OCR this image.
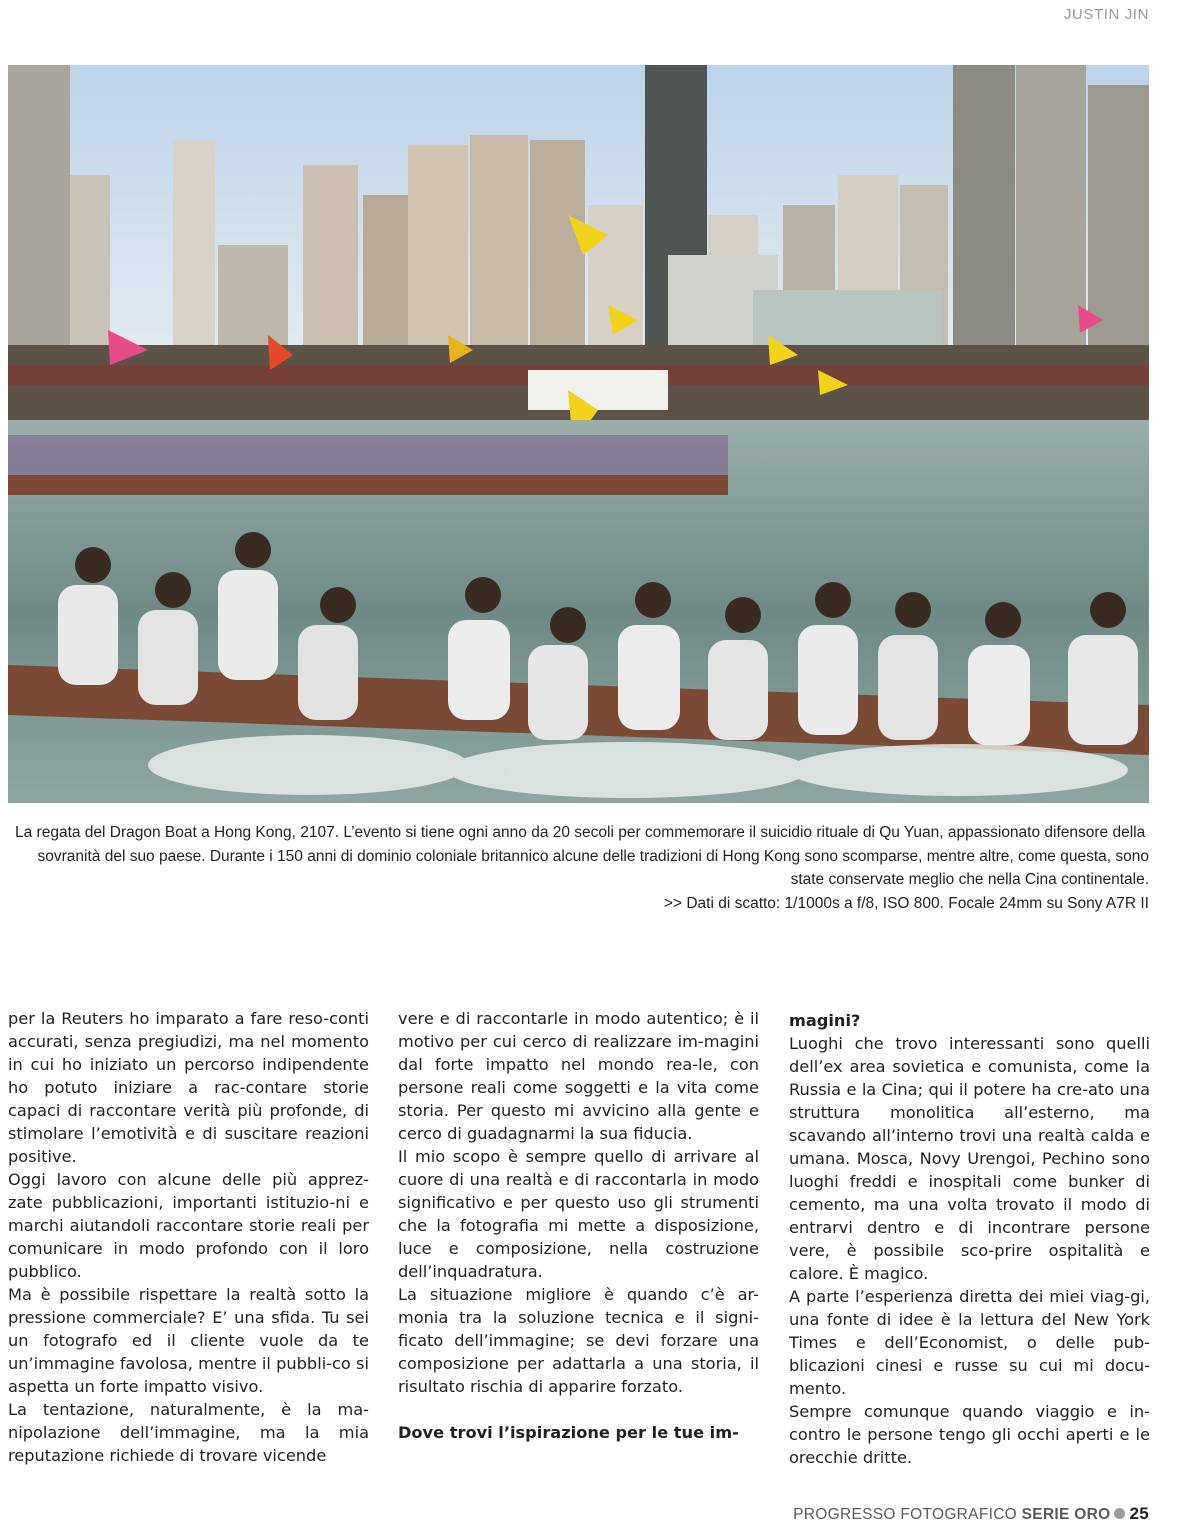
JUSTIN JIN

La regata del Dragon Boat a Hong Kong, 2107. L’evento si tiene ogni anno da 20 secoli per commemorare il suicidio rituale di Qu Yuan, appassionato difensore della

sovranità del suo paese. Durante i 150 anni di dominio coloniale britannico alcune delle tradizioni di Hong Kong sono scomparse, mentre altre, come questa, sono

state conservate meglio che nella Cina continentale.

>> Dati di scatto: 1/1000s a f/8, ISO 800. Focale 24mm su Sony A7R II

per la Reuters ho imparato a fare reso-conti accurati, senza pregiudizi, ma nel momento in cui ho iniziato un percorso indipendente ho potuto iniziare a rac-contare storie capaci di raccontare verità più profonde, di stimolare l’emotività e di suscitare reazioni positive.

Oggi lavoro con alcune delle più apprez-zate pubblicazioni, importanti istituzio-ni e marchi aiutandoli raccontare storie reali per comunicare in modo profondo con il loro pubblico.

Ma è possibile rispettare la realtà sotto la pressione commerciale? E’ una sfida. Tu sei un fotografo ed il cliente vuole da te un’immagine favolosa, mentre il pubbli-co si aspetta un forte impatto visivo.

La tentazione, naturalmente, è la ma-nipolazione dell’immagine, ma la mia reputazione richiede di trovare vicende

vere e di raccontarle in modo autentico; è il motivo per cui cerco di realizzare im-magini dal forte impatto nel mondo rea-le, con persone reali come soggetti e la vita come storia. Per questo mi avvicino alla gente e cerco di guadagnarmi la sua fiducia.

Il mio scopo è sempre quello di arrivare al cuore di una realtà e di raccontarla in modo significativo e per questo uso gli strumenti che la fotografia mi mette a disposizione, luce e composizione, nella costruzione dell’inquadratura.

La situazione migliore è quando c’è ar-monia tra la soluzione tecnica e il signi-ficato dell’immagine; se devi forzare una composizione per adattarla a una storia, il risultato rischia di apparire forzato.

Dove trovi l’ispirazione per le tue im-

magini?

Luoghi che trovo interessanti sono quelli dell’ex area sovietica e comunista, come la Russia e la Cina; qui il potere ha cre-ato una struttura monolitica all’esterno, ma scavando all’interno trovi una realtà calda e umana. Mosca, Novy Urengoi, Pechino sono luoghi freddi e inospitali come bunker di cemento, ma una volta trovato il modo di entrarvi dentro e di incontrare persone vere, è possibile sco-prire ospitalità e calore. È magico.

A parte l’esperienza diretta dei miei viag-gi, una fonte di idee è la lettura del New York Times e dell’Economist, o delle pub-blicazioni cinesi e russe su cui mi docu-mento.

Sempre comunque quando viaggio e in-contro le persone tengo gli occhi aperti e le orecchie dritte.

PROGRESSO FOTOGRAFICO SERIE ORO 25
